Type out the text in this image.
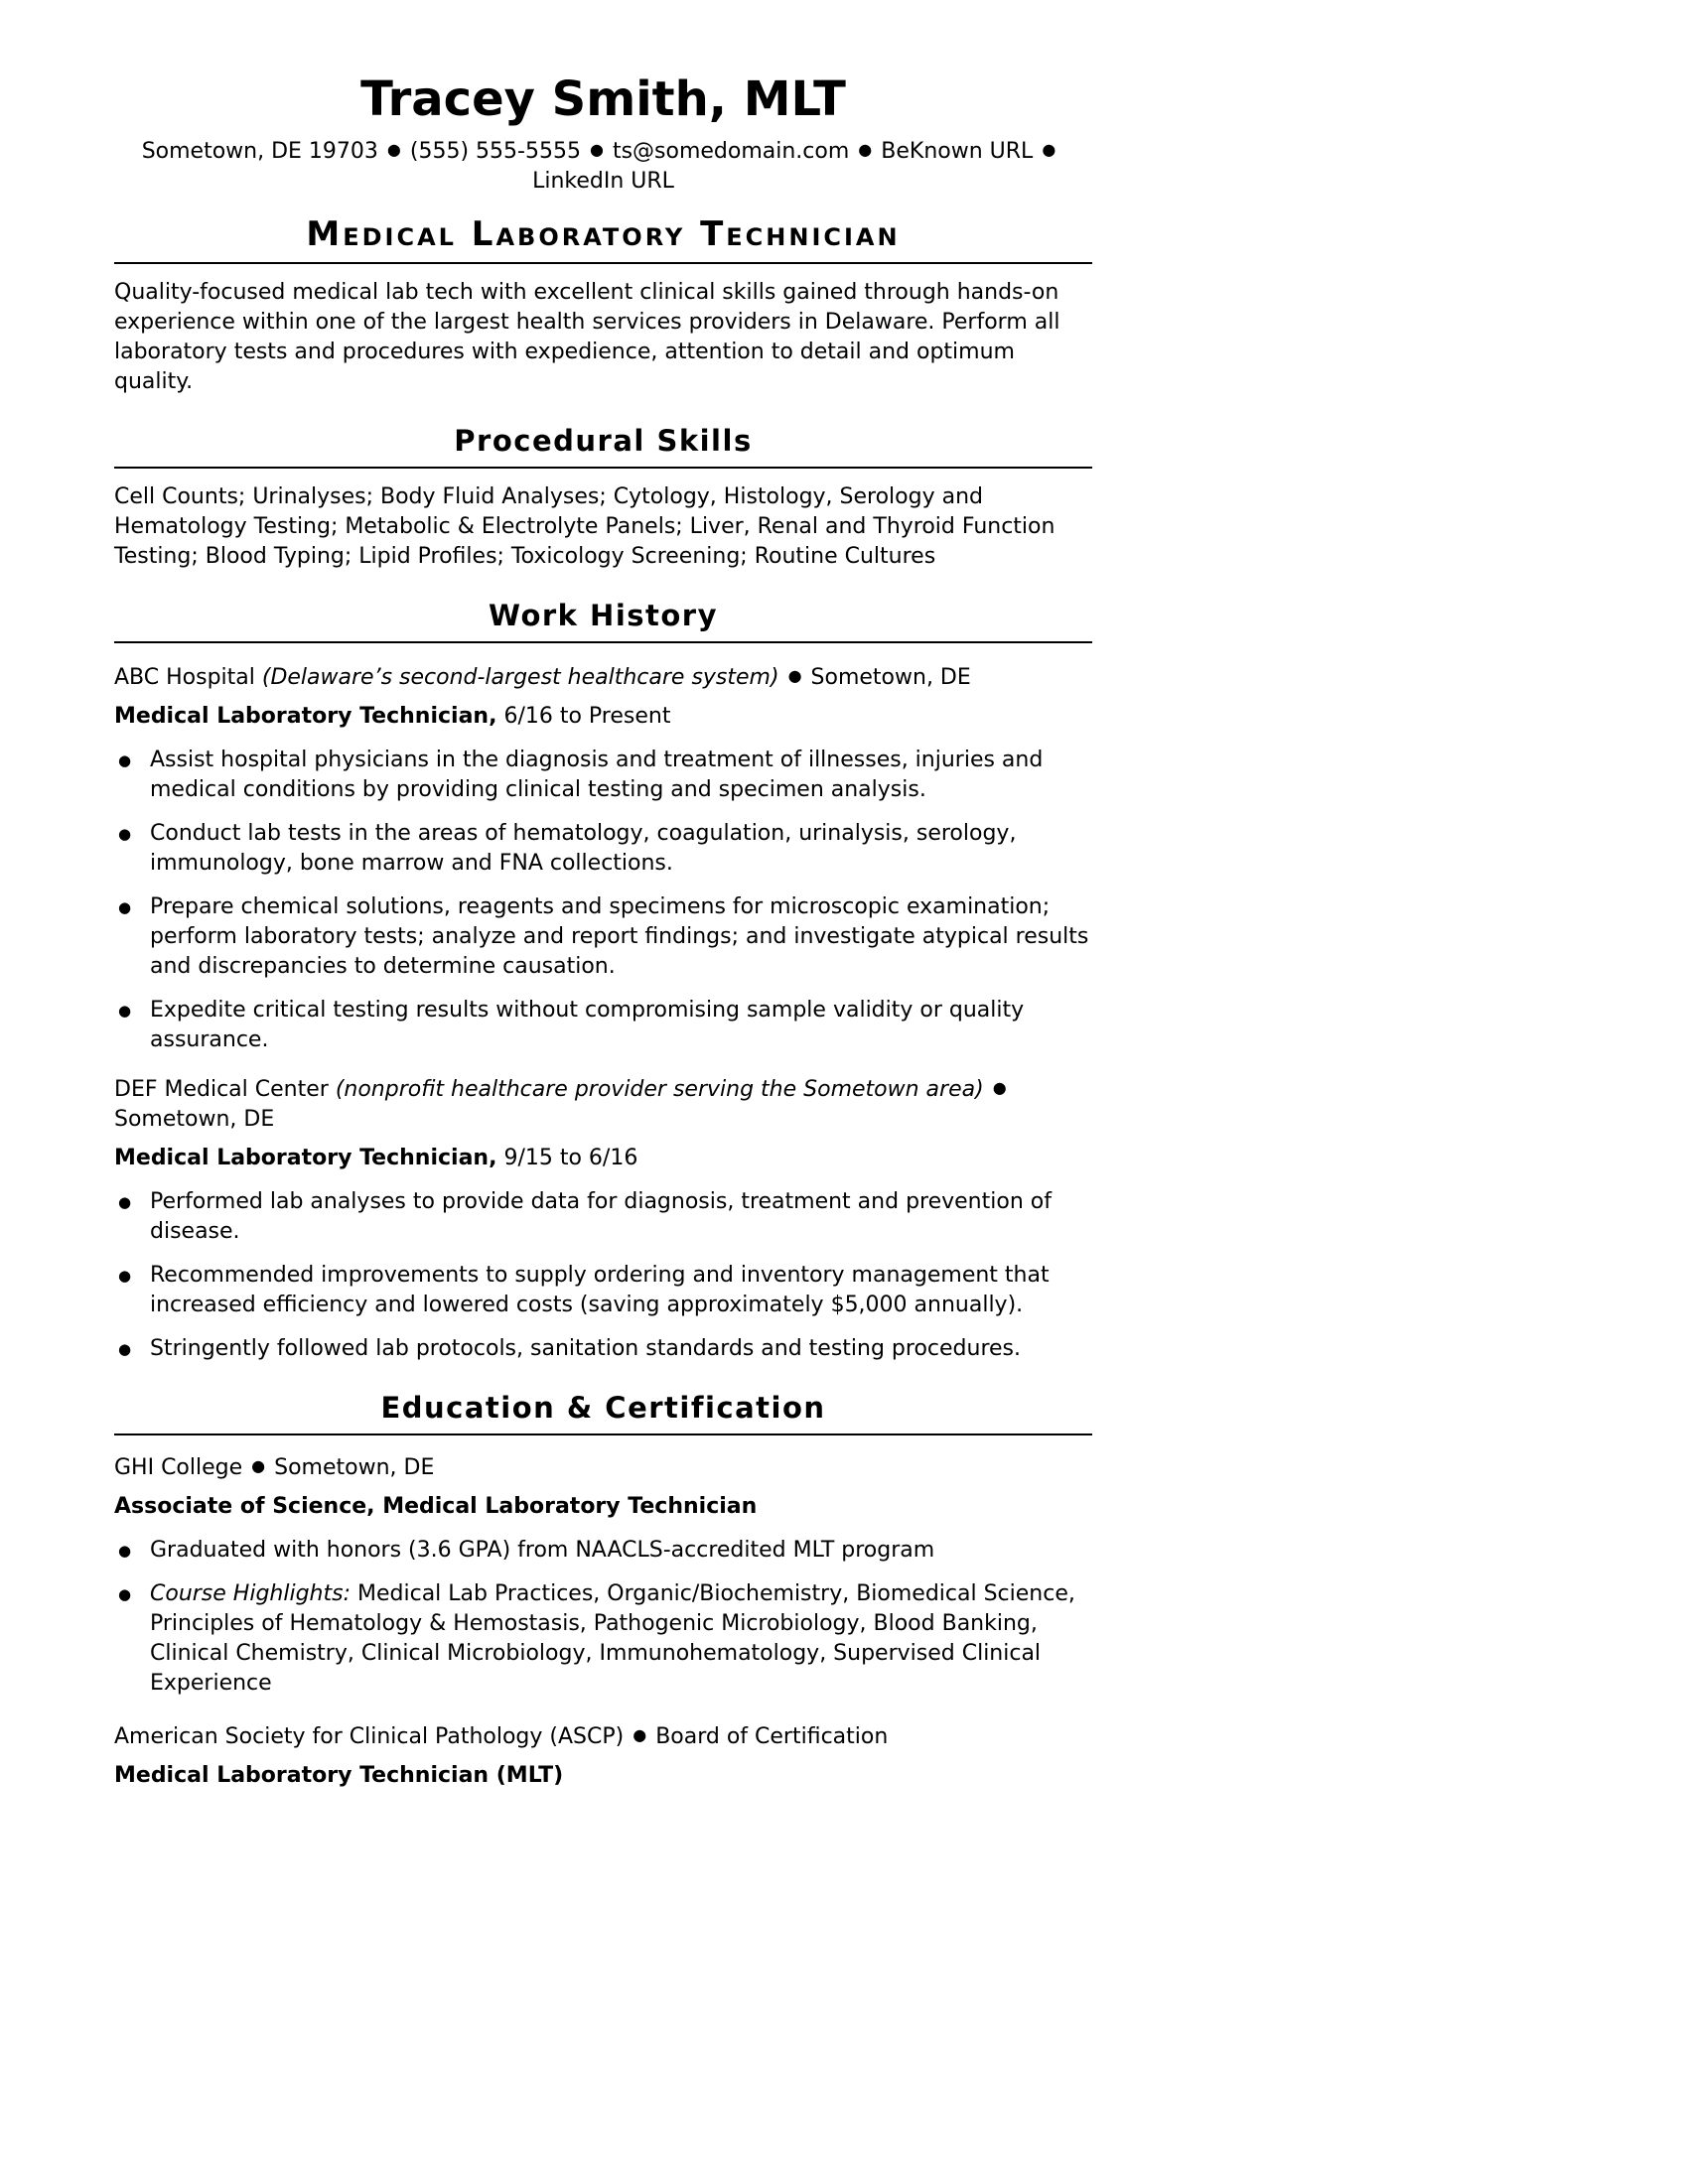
Tracey Smith, MLT
Sometown, DE 19703 ● (555) 555-5555 ● ts@somedomain.com ● BeKnown URL ●LinkedIn URL
Medical Laboratory Technician
Quality-focused medical lab tech with excellent clinical skills gained through hands-on experience within one of the largest health services providers in Delaware. Perform all laboratory tests and procedures with expedience, attention to detail and optimum quality.
Procedural Skills
Cell Counts; Urinalyses; Body Fluid Analyses; Cytology, Histology, Serology and Hematology Testing; Metabolic & Electrolyte Panels; Liver, Renal and Thyroid Function Testing; Blood Typing; Lipid Profiles; Toxicology Screening; Routine Cultures
Work History
ABC Hospital (Delaware’s second-largest healthcare system) ● Sometown, DE
Medical Laboratory Technician, 6/16 to Present
● Assist hospital physicians in the diagnosis and treatment of illnesses, injuries and medical conditions by providing clinical testing and specimen analysis.
● Conduct lab tests in the areas of hematology, coagulation, urinalysis, serology, immunology, bone marrow and FNA collections.
● Prepare chemical solutions, reagents and specimens for microscopic examination; perform laboratory tests; analyze and report findings; and investigate atypical results and discrepancies to determine causation.
● Expedite critical testing results without compromising sample validity or quality assurance.
DEF Medical Center (nonprofit healthcare provider serving the Sometown area) ●Sometown, DE
Medical Laboratory Technician, 9/15 to 6/16
● Performed lab analyses to provide data for diagnosis, treatment and prevention of disease.
● Recommended improvements to supply ordering and inventory management that increased efficiency and lowered costs (saving approximately $5,000 annually).
● Stringently followed lab protocols, sanitation standards and testing procedures.
Education & Certification
GHI College ● Sometown, DE
Associate of Science, Medical Laboratory Technician
● Graduated with honors (3.6 GPA) from NAACLS-accredited MLT program
● Course Highlights: Medical Lab Practices, Organic/Biochemistry, Biomedical Science, Principles of Hematology & Hemostasis, Pathogenic Microbiology, Blood Banking, Clinical Chemistry, Clinical Microbiology, Immunohematology, Supervised Clinical Experience
American Society for Clinical Pathology (ASCP) ● Board of Certification
Medical Laboratory Technician (MLT)
